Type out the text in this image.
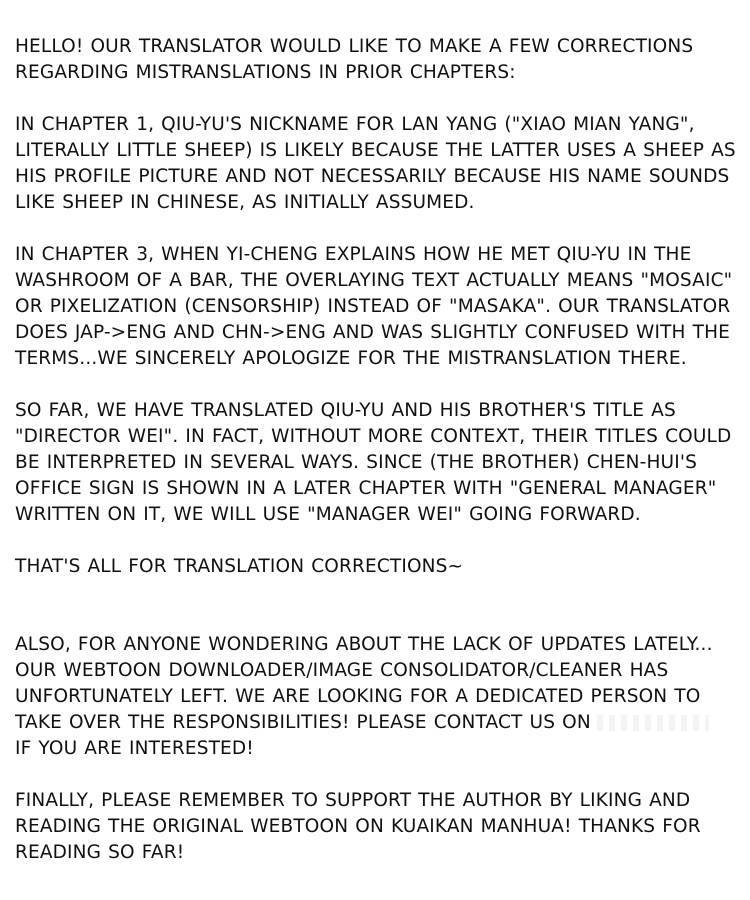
HELLO! OUR TRANSLATOR WOULD LIKE TO MAKE A FEW CORRECTIONS
REGARDING MISTRANSLATIONS IN PRIOR CHAPTERS:
IN CHAPTER 1, QIU-YU'S NICKNAME FOR LAN YANG ("XIAO MIAN YANG",
LITERALLY LITTLE SHEEP) IS LIKELY BECAUSE THE LATTER USES A SHEEP AS
HIS PROFILE PICTURE AND NOT NECESSARILY BECAUSE HIS NAME SOUNDS
LIKE SHEEP IN CHINESE, AS INITIALLY ASSUMED.
IN CHAPTER 3, WHEN YI-CHENG EXPLAINS HOW HE MET QIU-YU IN THE
WASHROOM OF A BAR, THE OVERLAYING TEXT ACTUALLY MEANS "MOSAIC"
OR PIXELIZATION (CENSORSHIP) INSTEAD OF "MASAKA". OUR TRANSLATOR
DOES JAP->ENG AND CHN->ENG AND WAS SLIGHTLY CONFUSED WITH THE
TERMS...WE SINCERELY APOLOGIZE FOR THE MISTRANSLATION THERE.
SO FAR, WE HAVE TRANSLATED QIU-YU AND HIS BROTHER'S TITLE AS
"DIRECTOR WEI". IN FACT, WITHOUT MORE CONTEXT, THEIR TITLES COULD
BE INTERPRETED IN SEVERAL WAYS. SINCE (THE BROTHER) CHEN-HUI'S
OFFICE SIGN IS SHOWN IN A LATER CHAPTER WITH "GENERAL MANAGER"
WRITTEN ON IT, WE WILL USE "MANAGER WEI" GOING FORWARD.
THAT'S ALL FOR TRANSLATION CORRECTIONS~
ALSO, FOR ANYONE WONDERING ABOUT THE LACK OF UPDATES LATELY...
OUR WEBTOON DOWNLOADER/IMAGE CONSOLIDATOR/CLEANER HAS
UNFORTUNATELY LEFT. WE ARE LOOKING FOR A DEDICATED PERSON TO
TAKE OVER THE RESPONSIBILITIES! PLEASE CONTACT US ON
IF YOU ARE INTERESTED!
FINALLY, PLEASE REMEMBER TO SUPPORT THE AUTHOR BY LIKING AND
READING THE ORIGINAL WEBTOON ON KUAIKAN MANHUA! THANKS FOR
READING SO FAR!
